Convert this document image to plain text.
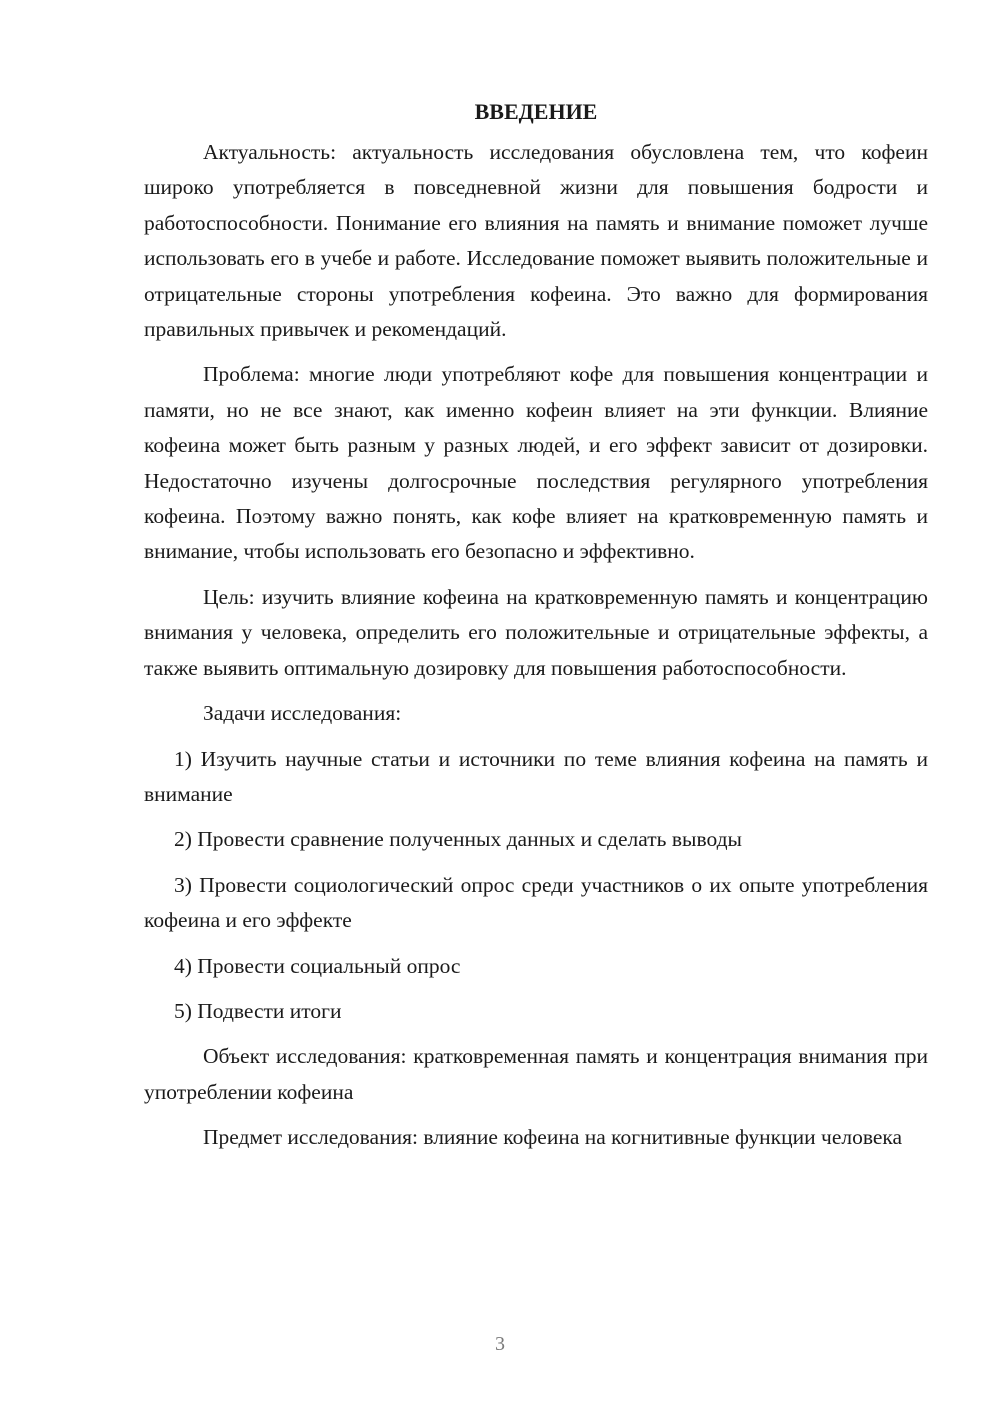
ВВЕДЕНИЕ

Актуальность: актуальность исследования обусловлена тем, что кофеин широко употребляется в повседневной жизни для повышения бодрости и работоспособности. Понимание его влияния на память и внимание поможет лучше использовать его в учебе и работе. Исследование поможет выявить положительные и отрицательные стороны употребления кофеина. Это важно для формирования правильных привычек и рекомендаций.

Проблема: многие люди употребляют кофе для повышения концентрации и памяти, но не все знают, как именно кофеин влияет на эти функции. Влияние кофеина может быть разным у разных людей, и его эффект зависит от дозировки. Недостаточно изучены долгосрочные последствия регулярного употребления кофеина. Поэтому важно понять, как кофе влияет на кратковременную память и внимание, чтобы использовать его безопасно и эффективно.

Цель: изучить влияние кофеина на кратковременную память и концентрацию внимания у человека, определить его положительные и отрицательные эффекты, а также выявить оптимальную дозировку для повышения работоспособности.

Задачи исследования:

1) Изучить научные статьи и источники по теме влияния кофеина на память и внимание

2) Провести сравнение полученных данных и сделать выводы

3) Провести социологический опрос среди участников о их опыте употребления кофеина и его эффекте

4) Провести социальный опрос

5) Подвести итоги

Объект исследования: кратковременная память и концентрация внимания при употреблении кофеина

Предмет исследования: влияние кофеина на когнитивные функции человека

3
